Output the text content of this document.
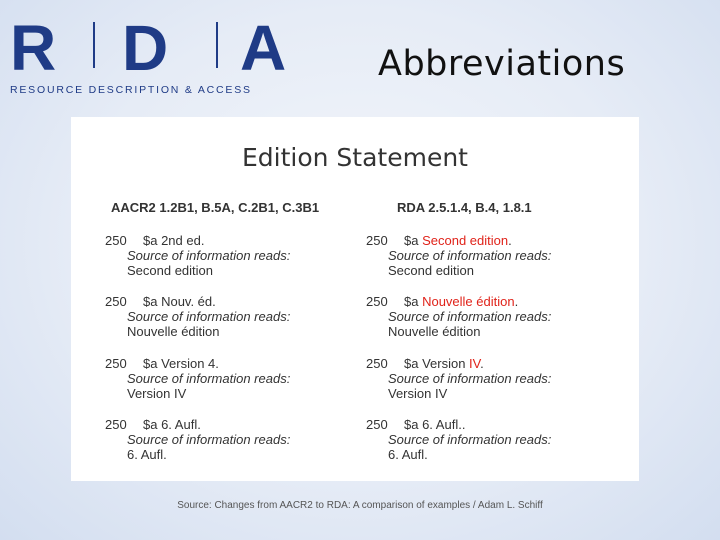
R D A
RESOURCE DESCRIPTION & ACCESS
Abbreviations
Edition Statement
AACR2 1.2B1, B.5A, C.2B1, C.3B1	RDA 2.5.1.4, B.4, 1.8.1
250 $a 2nd ed.
Source of information reads:
Second edition
250 $a Nouv. éd.
Source of information reads:
Nouvelle édition
250 $a Version 4.
Source of information reads:
Version IV
250 $a 6. Aufl.
Source of information reads:
6. Aufl.
250 $a Second edition.
Source of information reads:
Second edition
250 $a Nouvelle édition.
Source of information reads:
Nouvelle édition
250 $a Version IV.
Source of information reads:
Version IV
250 $a 6. Aufl..
Source of information reads:
6. Aufl.
Source: Changes from AACR2 to RDA: A comparison of examples / Adam L. Schiff
